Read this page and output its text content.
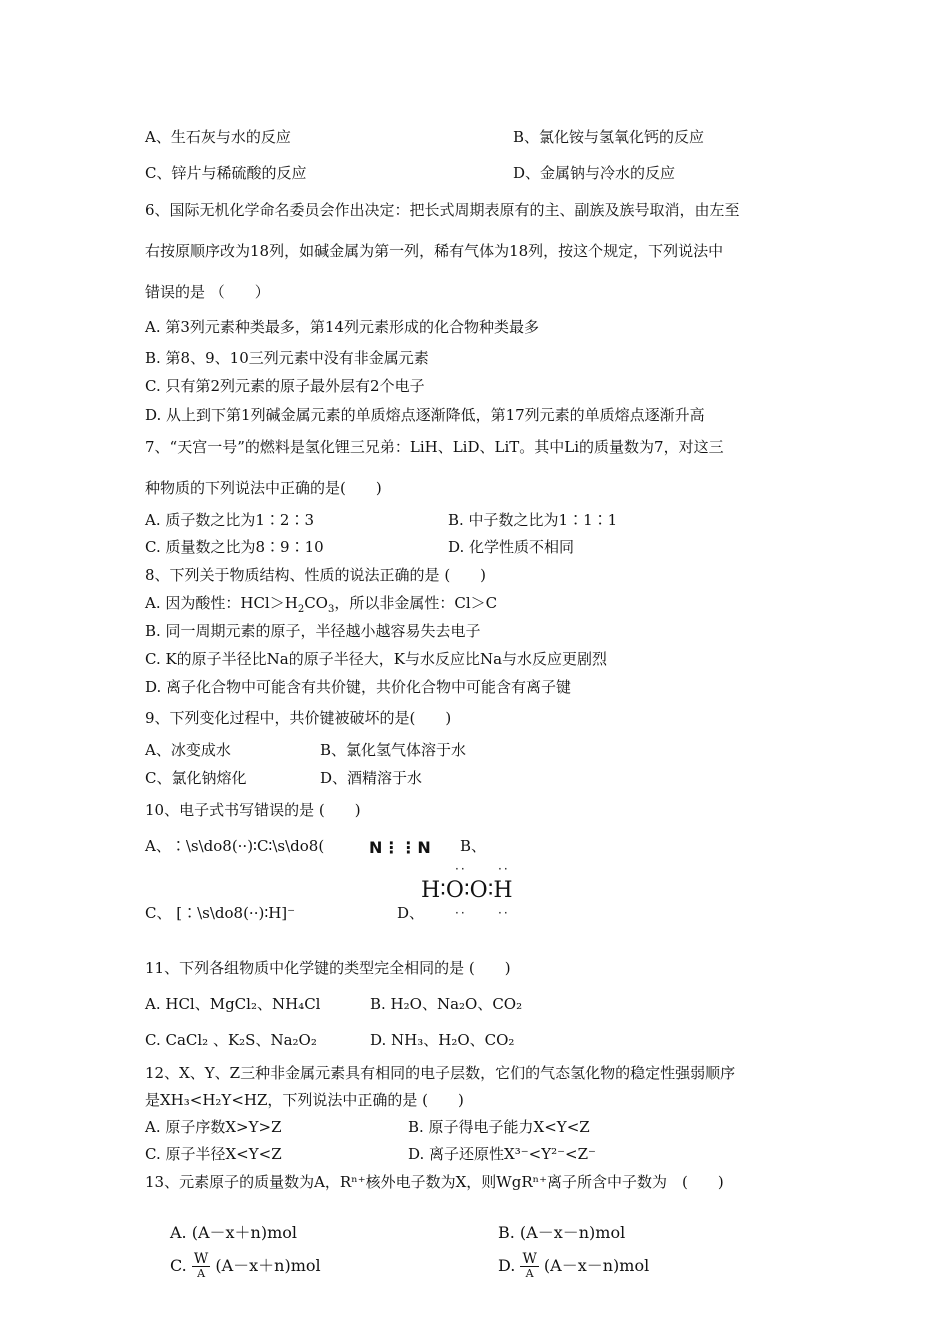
A、生石灰与水的反应	B、氯化铵与氢氧化钙的反应
C、锌片与稀硫酸的反应	D、金属钠与冷水的反应
6、国际无机化学命名委员会作出决定：把长式周期表原有的主、副族及族号取消，由左至
右按原顺序改为18列，如碱金属为第一列，稀有气体为18列，按这个规定，下列说法中
错误的是 （　　）
A. 第3列元素种类最多，第14列元素形成的化合物种类最多
B. 第8、9、10三列元素中没有非金属元素
C. 只有第2列元素的原子最外层有2个电子
D. 从上到下第1列碱金属元素的单质熔点逐渐降低，第17列元素的单质熔点逐渐升高
7、“天宫一号”的燃料是氢化锂三兄弟：LiH、LiD、LiT。其中Li的质量数为7，对这三
种物质的下列说法中正确的是(　　)
A. 质子数之比为1∶2∶3	B. 中子数之比为1∶1∶1
C. 质量数之比为8∶9∶10	D. 化学性质不相同
8、下列关于物质结构、性质的说法正确的是 (　　)
A. 因为酸性：$HCl>H_2CO_3$，所以非金属性：Cl＞C
B. 同一周期元素的原子，半径越小越容易失去电子
C. K的原子半径比Na的原子半径大，K与水反应比Na与水反应更剧烈
D. 离子化合物中可能含有共价键，共价化合物中可能含有离子键
9、下列变化过程中，共价键被破坏的是(　　)
A、冰变成水	B、氯化氢气体溶于水
C、氯化钠熔化	D、酒精溶于水
10、电子式书写错误的是 (　　)
A、∶\s\do8(··)∶C∶\s\do8(	N⋮⋮N B、
C、 [∶\s\do8(··)∶H]⁻	D、
··	··
H∶O∶O∶H
··	··
11、下列各组物质中化学键的类型完全相同的是 (　　)
A. HCl、MgCl₂、NH₄Cl	B. H₂O、Na₂O、CO₂
C. CaCl₂ 、K₂S、Na₂O₂	D. NH₃、H₂O、CO₂
12、X、Y、Z三种非金属元素具有相同的电子层数，它们的气态氢化物的稳定性强弱顺序
是XH₃<H₂Y<HZ，下列说法中正确的是 (　　)
A. 原子序数X>Y>Z	B. 原子得电子能力X<Y<Z
C. 原子半径X<Y<Z	D. 离子还原性X³⁻<Y²⁻<Z⁻
13、元素原子的质量数为A，Rⁿ⁺核外电子数为X，则WgRⁿ⁺离子所含中子数为　(　　)
A. (A－x＋n)mol	B. (A－x－n)mol
C. $\frac{W}{A} (A-x+n)mol$	D. $\frac{W}{A} (A-x-n)mol$
